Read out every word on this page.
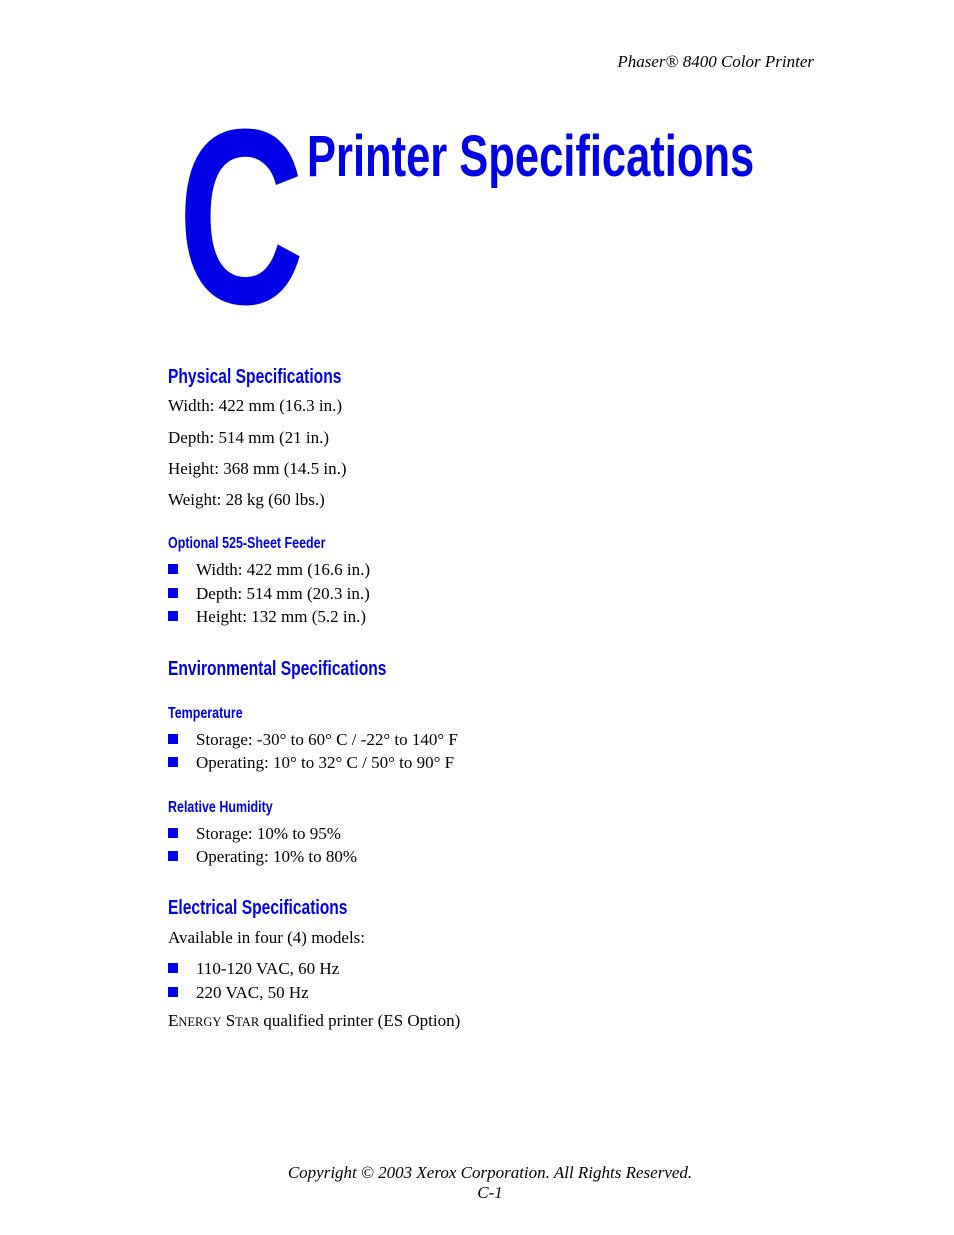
Phaser® 8400 Color Printer
C Printer Specifications
Physical Specifications
Width: 422 mm (16.3 in.)
Depth: 514 mm (21 in.)
Height: 368 mm (14.5 in.)
Weight: 28 kg (60 lbs.)
Optional 525-Sheet Feeder
Width: 422 mm (16.6 in.)
Depth: 514 mm (20.3 in.)
Height: 132 mm (5.2 in.)
Environmental Specifications
Temperature
Storage: -30° to 60° C / -22° to 140° F
Operating: 10° to 32° C / 50° to 90° F
Relative Humidity
Storage: 10% to 95%
Operating: 10% to 80%
Electrical Specifications
Available in four (4) models:
110-120 VAC, 60 Hz
220 VAC, 50 Hz
ENERGY STAR qualified printer (ES Option)
Copyright © 2003 Xerox Corporation. All Rights Reserved.
C-1
